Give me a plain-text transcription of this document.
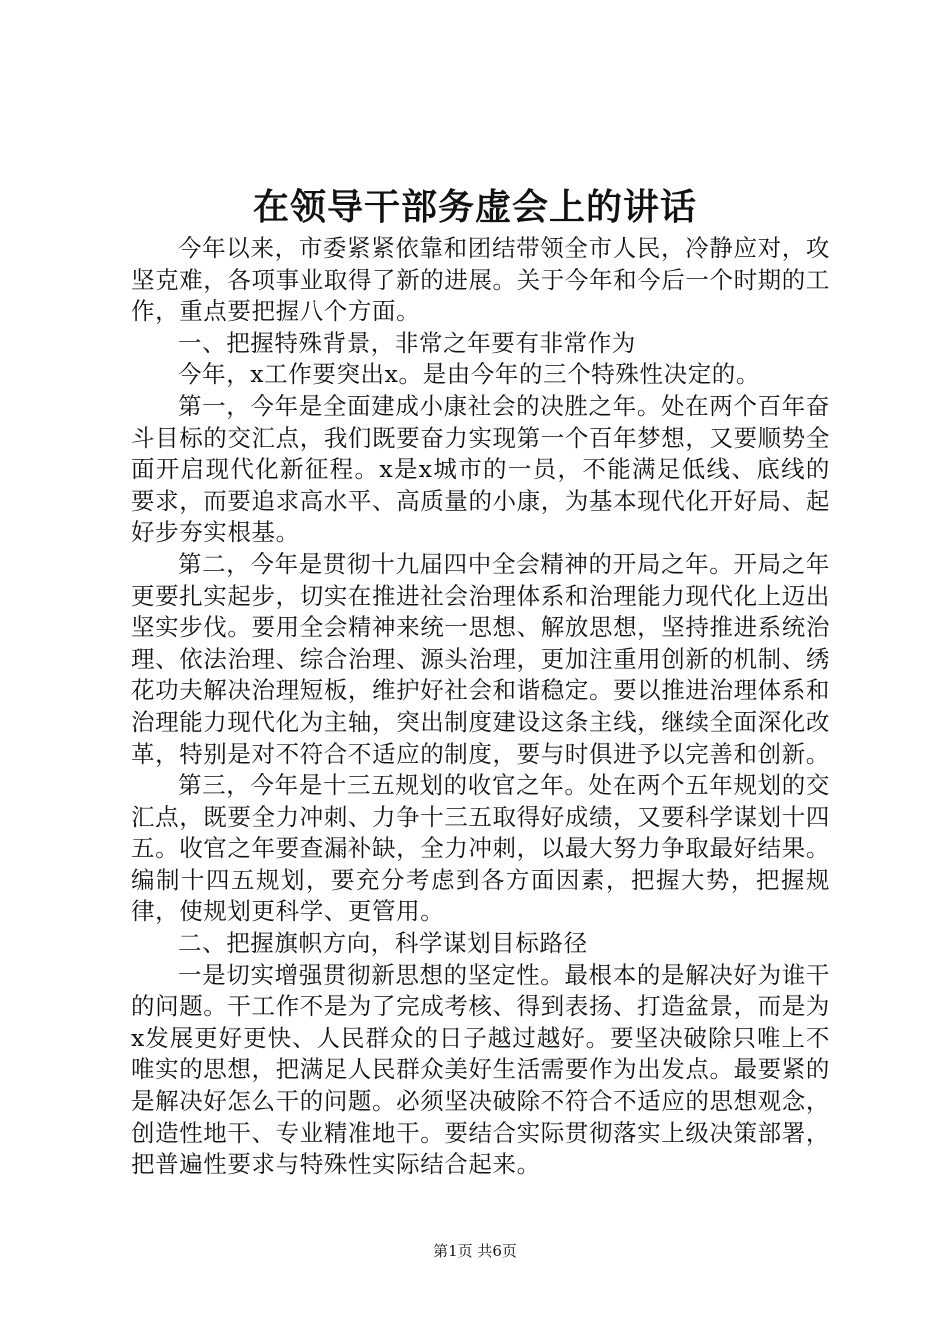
在领导干部务虚会上的讲话

今年以来，市委紧紧依靠和团结带领全市人民，冷静应对，攻坚克难，各项事业取得了新的进展。关于今年和今后一个时期的工作，重点要把握八个方面。

一、把握特殊背景，非常之年要有非常作为

今年，x工作要突出x。是由今年的三个特殊性决定的。

第一，今年是全面建成小康社会的决胜之年。处在两个百年奋斗目标的交汇点，我们既要奋力实现第一个百年梦想，又要顺势全面开启现代化新征程。x是x城市的一员，不能满足低线、底线的要求，而要追求高水平、高质量的小康，为基本现代化开好局、起好步夯实根基。

第二，今年是贯彻十九届四中全会精神的开局之年。开局之年更要扎实起步，切实在推进社会治理体系和治理能力现代化上迈出坚实步伐。要用全会精神来统一思想、解放思想，坚持推进系统治理、依法治理、综合治理、源头治理，更加注重用创新的机制、绣花功夫解决治理短板，维护好社会和谐稳定。要以推进治理体系和治理能力现代化为主轴，突出制度建设这条主线，继续全面深化改革，特别是对不符合不适应的制度，要与时俱进予以完善和创新。

第三，今年是十三五规划的收官之年。处在两个五年规划的交汇点，既要全力冲刺、力争十三五取得好成绩，又要科学谋划十四五。收官之年要查漏补缺，全力冲刺，以最大努力争取最好结果。编制十四五规划，要充分考虑到各方面因素，把握大势，把握规律，使规划更科学、更管用。

二、把握旗帜方向，科学谋划目标路径

一是切实增强贯彻新思想的坚定性。最根本的是解决好为谁干的问题。干工作不是为了完成考核、得到表扬、打造盆景，而是为x发展更好更快、人民群众的日子越过越好。要坚决破除只唯上不唯实的思想，把满足人民群众美好生活需要作为出发点。最要紧的是解决好怎么干的问题。必须坚决破除不符合不适应的思想观念，创造性地干、专业精准地干。要结合实际贯彻落实上级决策部署，把普遍性要求与特殊性实际结合起来。

第1页 共6页
